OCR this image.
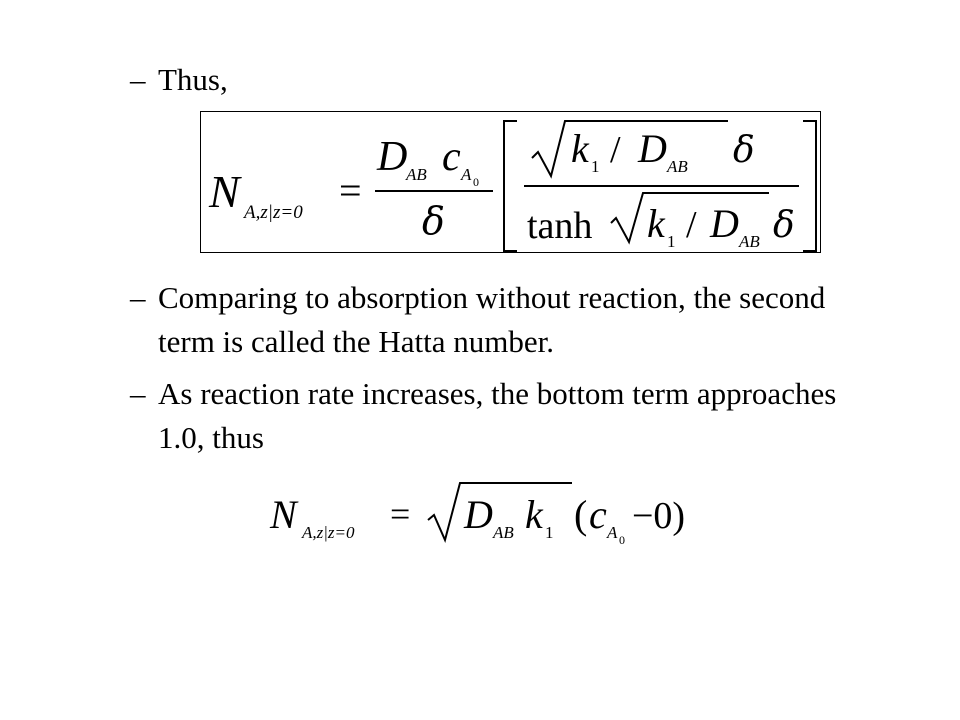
– Thus,
N A,z|z=0 =
D
AB c A 0
δ
k 1 / D AB δ
tanh k 1 / D AB δ
– Comparing to absorption without reaction, the second term is called the Hatta number.
– As reaction rate increases, the bottom term approaches 1.0, thus
N A,z|z=0 = D AB k 1 ( c A 0
−0)
